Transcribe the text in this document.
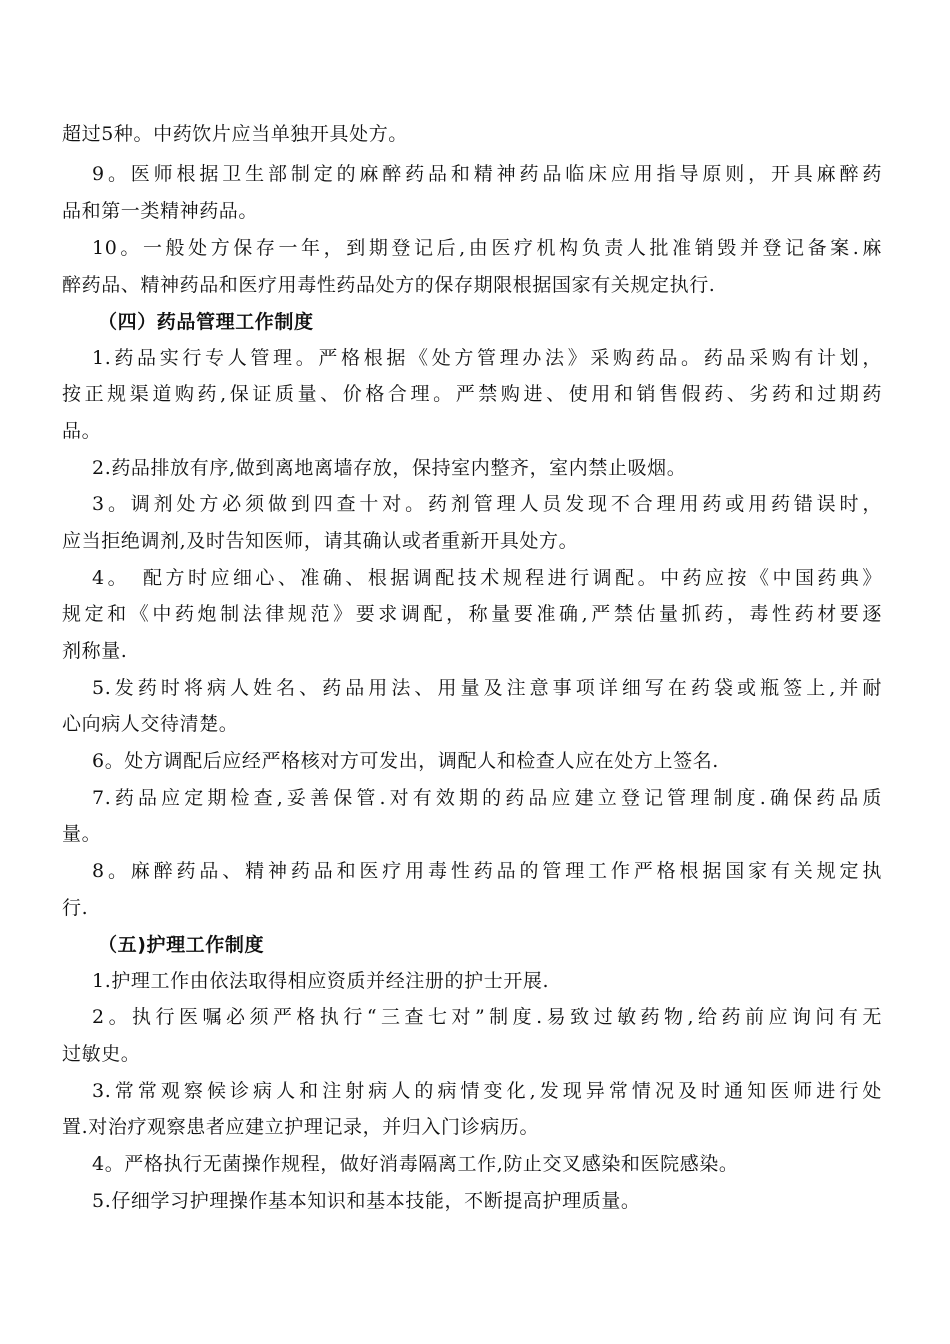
超过5种。中药饮片应当单独开具处方。
9。医师根据卫生部制定的麻醉药品和精神药品临床应用指导原则，开具麻醉药
品和第一类精神药品。
10。一般处方保存一年，到期登记后,由医疗机构负责人批准销毁并登记备案.麻
醉药品、精神药品和医疗用毒性药品处方的保存期限根据国家有关规定执行.
（四）药品管理工作制度
1.药品实行专人管理。严格根据《处方管理办法》采购药品。药品采购有计划，
按正规渠道购药,保证质量、价格合理。严禁购进、使用和销售假药、劣药和过期药
品。
2.药品排放有序,做到离地离墙存放，保持室内整齐，室内禁止吸烟。
3。调剂处方必须做到四查十对。药剂管理人员发现不合理用药或用药错误时，
应当拒绝调剂,及时告知医师，请其确认或者重新开具处方。
4。　配方时应细心、准确、根据调配技术规程进行调配。中药应按《中国药典》
规定和《中药炮制法律规范》要求调配，称量要准确,严禁估量抓药，毒性药材要逐
剂称量.
5.发药时将病人姓名、药品用法、用量及注意事项详细写在药袋或瓶签上,并耐
心向病人交待清楚。
6。处方调配后应经严格核对方可发出，调配人和检查人应在处方上签名.
7.药品应定期检查,妥善保管.对有效期的药品应建立登记管理制度.确保药品质
量。
8。麻醉药品、精神药品和医疗用毒性药品的管理工作严格根据国家有关规定执
行.
（五)护理工作制度
1.护理工作由依法取得相应资质并经注册的护士开展.
2。执行医嘱必须严格执行“三查七对”制度.易致过敏药物,给药前应询问有无
过敏史。
3.常常观察候诊病人和注射病人的病情变化,发现异常情况及时通知医师进行处
置.对治疗观察患者应建立护理记录，并归入门诊病历。
4。严格执行无菌操作规程，做好消毒隔离工作,防止交叉感染和医院感染。
5.仔细学习护理操作基本知识和基本技能，不断提高护理质量。
